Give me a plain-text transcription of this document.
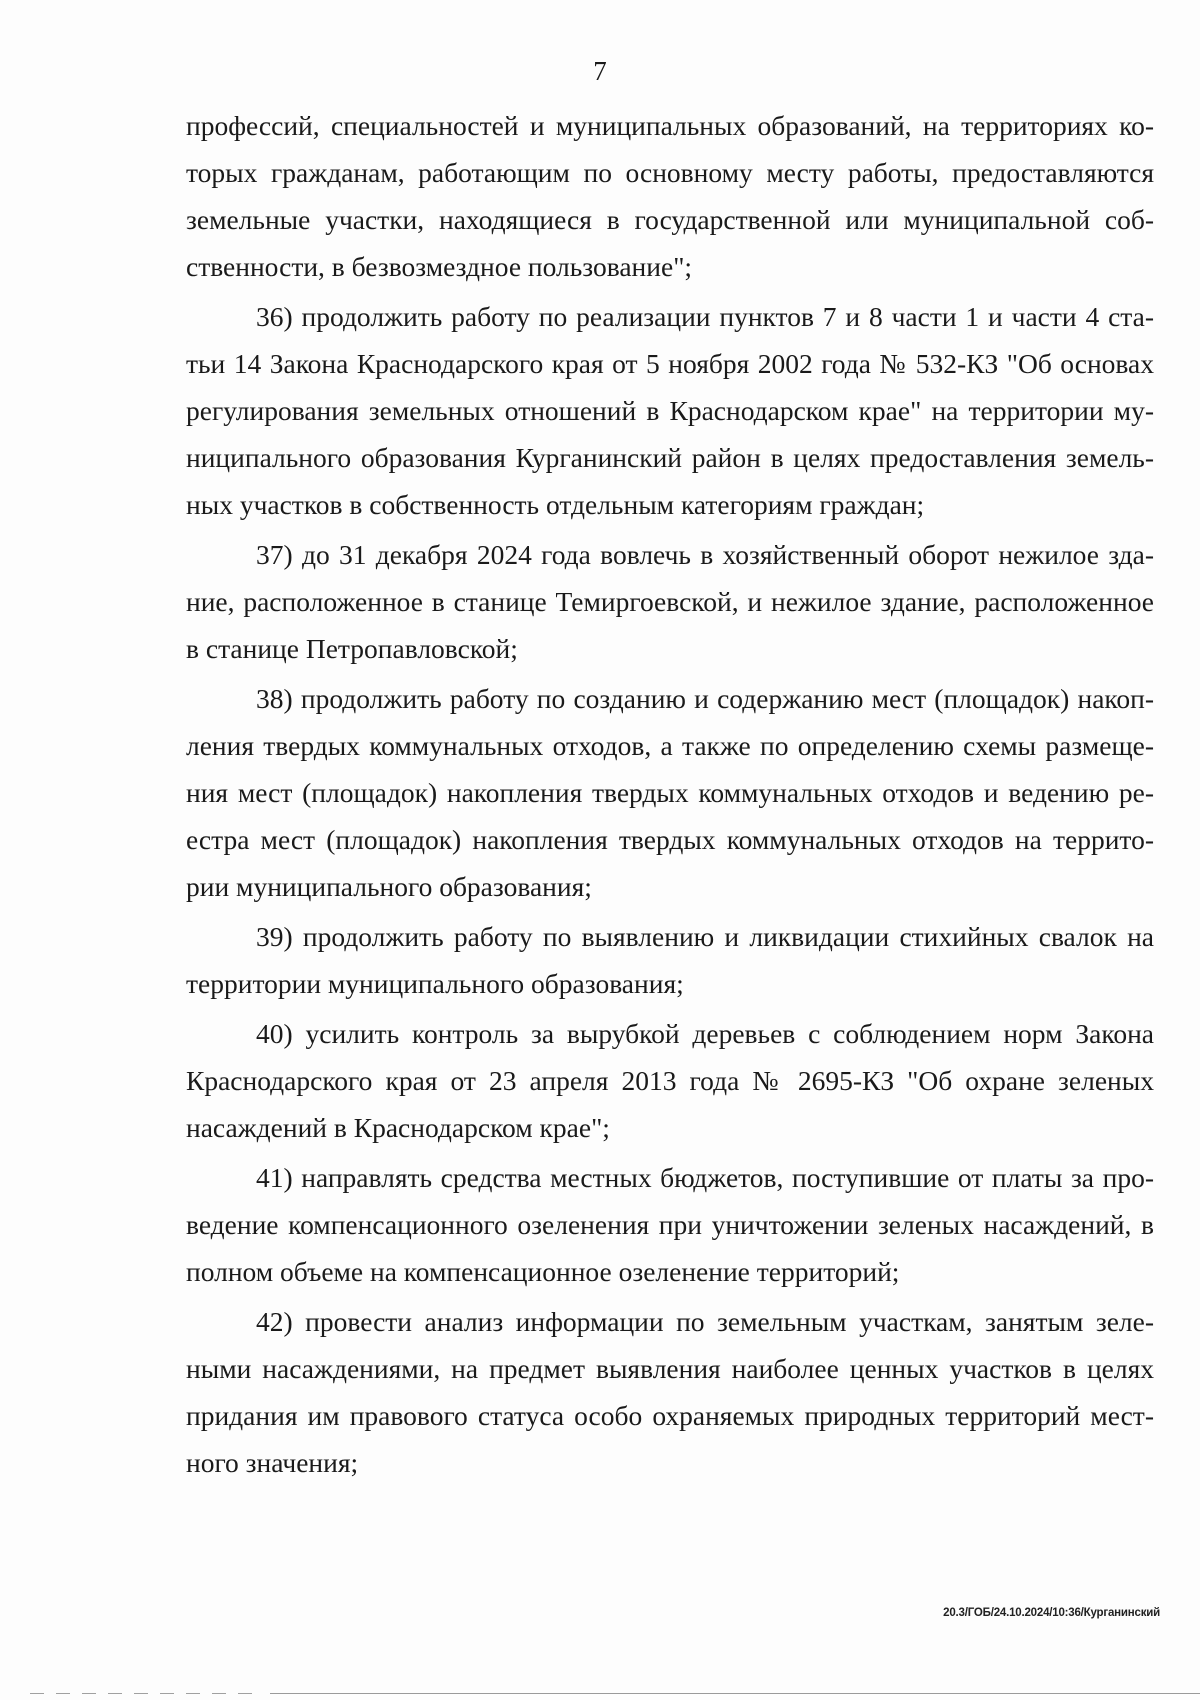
7
профессий, специальностей и муниципальных образований, на территориях ко-
торых гражданам, работающим по основному месту работы, предоставляются
земельные участки, находящиеся в государственной или муниципальной соб-
ственности, в безвозмездное пользование";
36) продолжить работу по реализации пунктов 7 и 8 части 1 и части 4 ста-
тьи 14 Закона Краснодарского края от 5 ноября 2002 года № 532-КЗ "Об основах
регулирования земельных отношений в Краснодарском крае" на территории му-
ниципального образования Курганинский район в целях предоставления земель-
ных участков в собственность отдельным категориям граждан;
37) до 31 декабря 2024 года вовлечь в хозяйственный оборот нежилое зда-
ние, расположенное в станице Темиргоевской, и нежилое здание, расположенное
в станице Петропавловской;
38) продолжить работу по созданию и содержанию мест (площадок) накоп-
ления твердых коммунальных отходов, а также по определению схемы размеще-
ния мест (площадок) накопления твердых коммунальных отходов и ведению ре-
естра мест (площадок) накопления твердых коммунальных отходов на террито-
рии муниципального образования;
39) продолжить работу по выявлению и ликвидации стихийных свалок на
территории муниципального образования;
40) усилить контроль за вырубкой деревьев с соблюдением норм Закона
Краснодарского края от 23 апреля 2013 года № 2695-КЗ "Об охране зеленых
насаждений в Краснодарском крае";
41) направлять средства местных бюджетов, поступившие от платы за про-
ведение компенсационного озеленения при уничтожении зеленых насаждений, в
полном объеме на компенсационное озеленение территорий;
42) провести анализ информации по земельным участкам, занятым зеле-
ными насаждениями, на предмет выявления наиболее ценных участков в целях
придания им правового статуса особо охраняемых природных территорий мест-
ного значения;
20.3/ГОБ/24.10.2024/10:36/Курганинский
